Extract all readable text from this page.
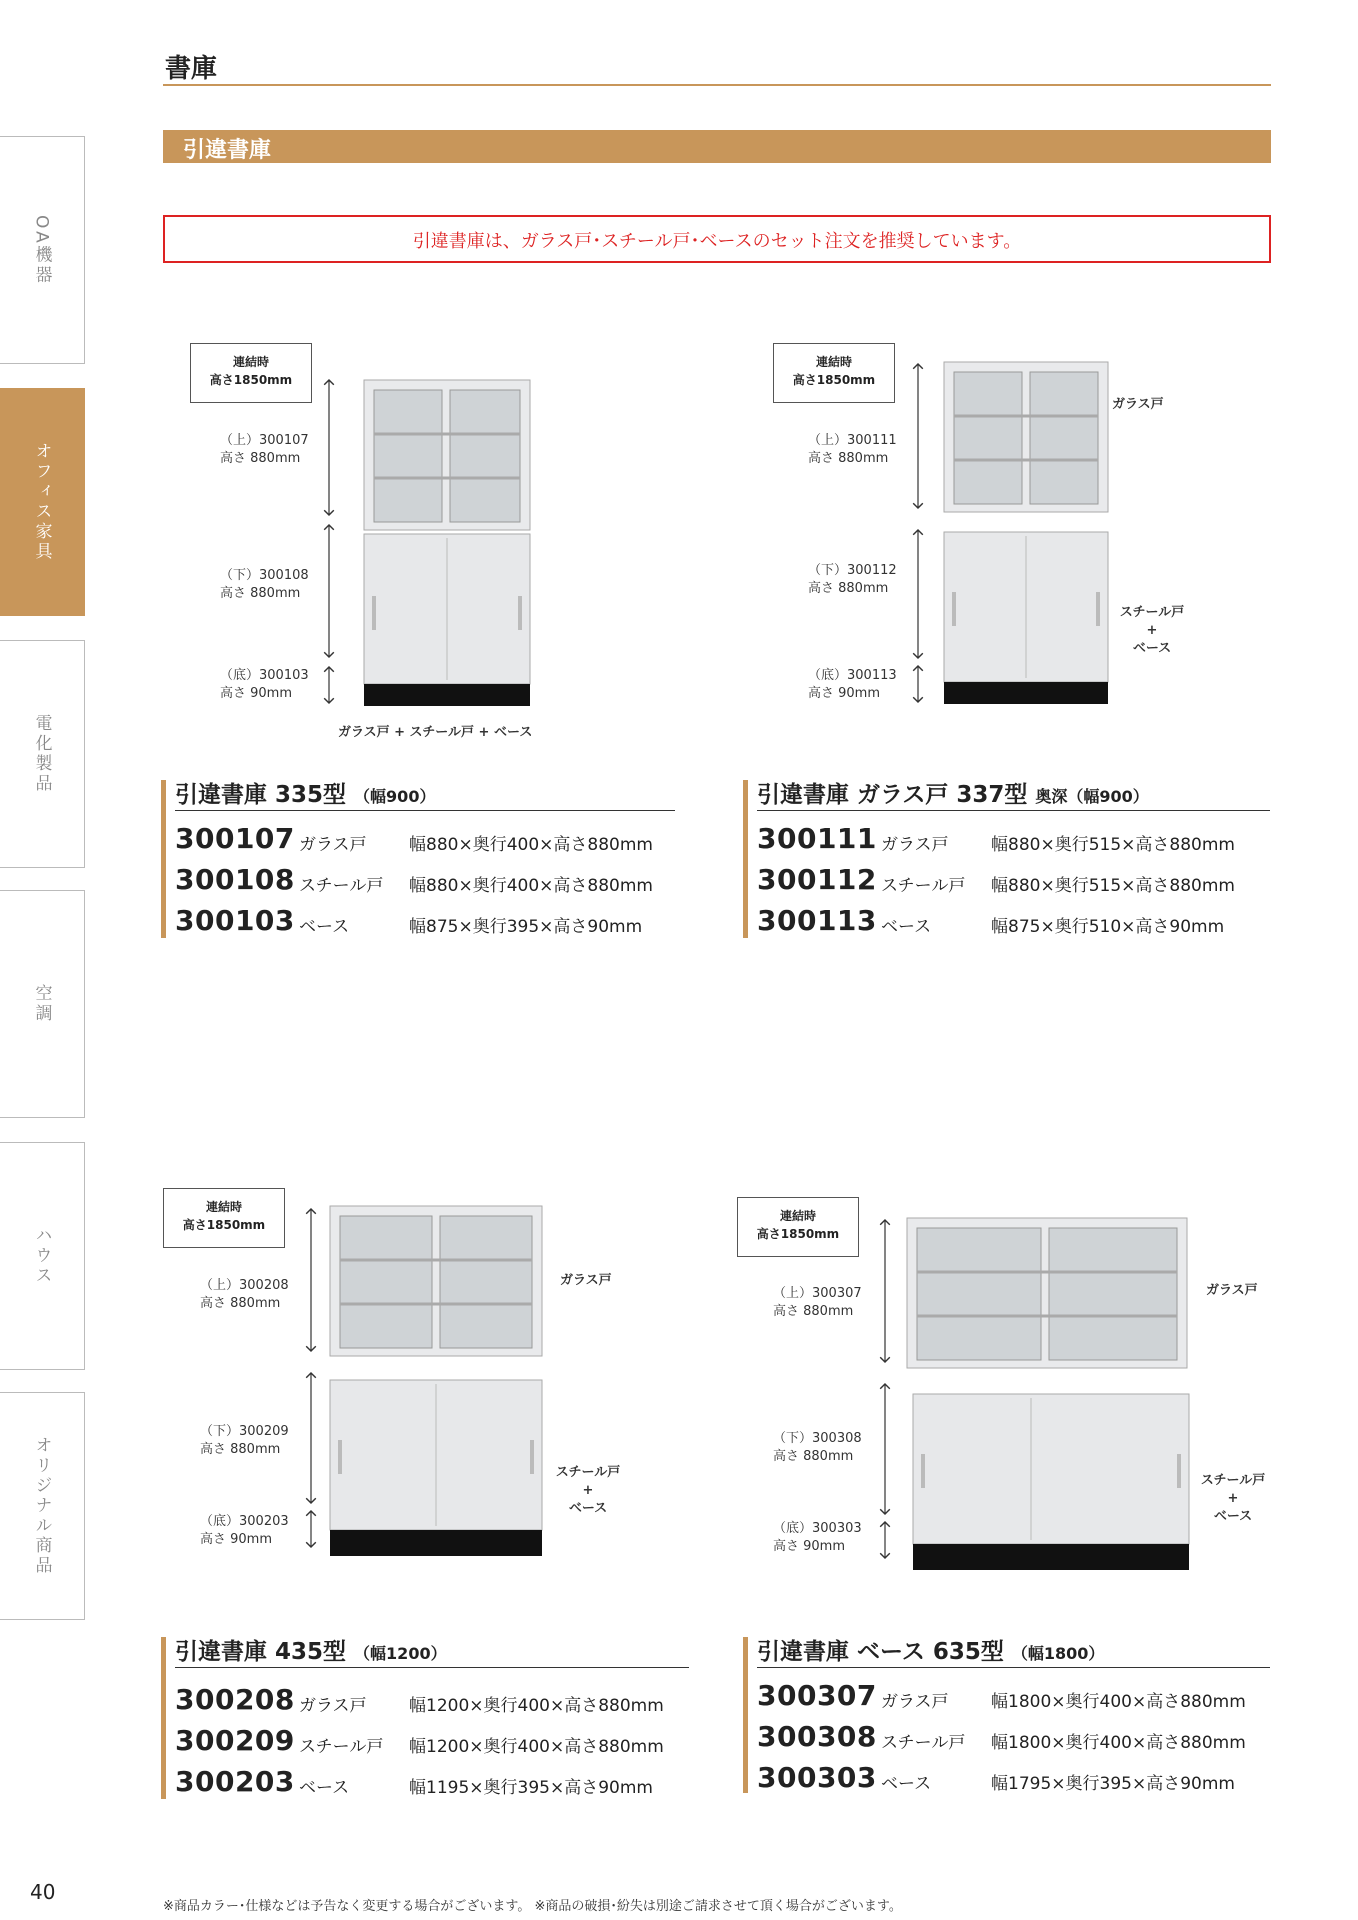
書庫
引違書庫
引違書庫は、ガラス戸･スチール戸･ベースのセット注文を推奨しています。
OA機器
オフィス家具
電化製品
空調
ハウス
オリジナル商品
連結時
高さ1850mm
（上）300107
高さ 880mm
（下）300108
高さ 880mm
（底）300103
高さ 90mm
ガラス戸 + スチール戸 + ベース
連結時
高さ1850mm
（上）300111
高さ 880mm
（下）300112
高さ 880mm
（底）300113
高さ 90mm
ガラス戸
スチール戸
+
ベース
連結時
高さ1850mm
（上）300208
高さ 880mm
（下）300209
高さ 880mm
（底）300203
高さ 90mm
ガラス戸
スチール戸
+
ベース
連結時
高さ1850mm
（上）300307
高さ 880mm
（下）300308
高さ 880mm
（底）300303
高さ 90mm
ガラス戸
スチール戸
+
ベース
引違書庫 335型 （幅900）
300107 ガラス戸	幅880×奥行400×高さ880mm
300108 スチール戸 幅880×奥行400×高さ880mm
300103 ベース	幅875×奥行395×高さ90mm
引違書庫 ガラス戸 337型 奥深（幅900）
300111 ガラス戸	幅880×奥行515×高さ880mm
300112 スチール戸 幅880×奥行515×高さ880mm
300113 ベース	幅875×奥行510×高さ90mm
引違書庫 435型 （幅1200）
300208 ガラス戸	幅1200×奥行400×高さ880mm
300209 スチール戸 幅1200×奥行400×高さ880mm
300203 ベース	幅1195×奥行395×高さ90mm
引違書庫 ベース 635型 （幅1800）
300307 ガラス戸	幅1800×奥行400×高さ880mm
300308 スチール戸 幅1800×奥行400×高さ880mm
300303 ベース	幅1795×奥行395×高さ90mm
40
※商品カラー･仕様などは予告なく変更する場合がございます。 ※商品の破損･紛失は別途ご請求させて頂く場合がございます。
